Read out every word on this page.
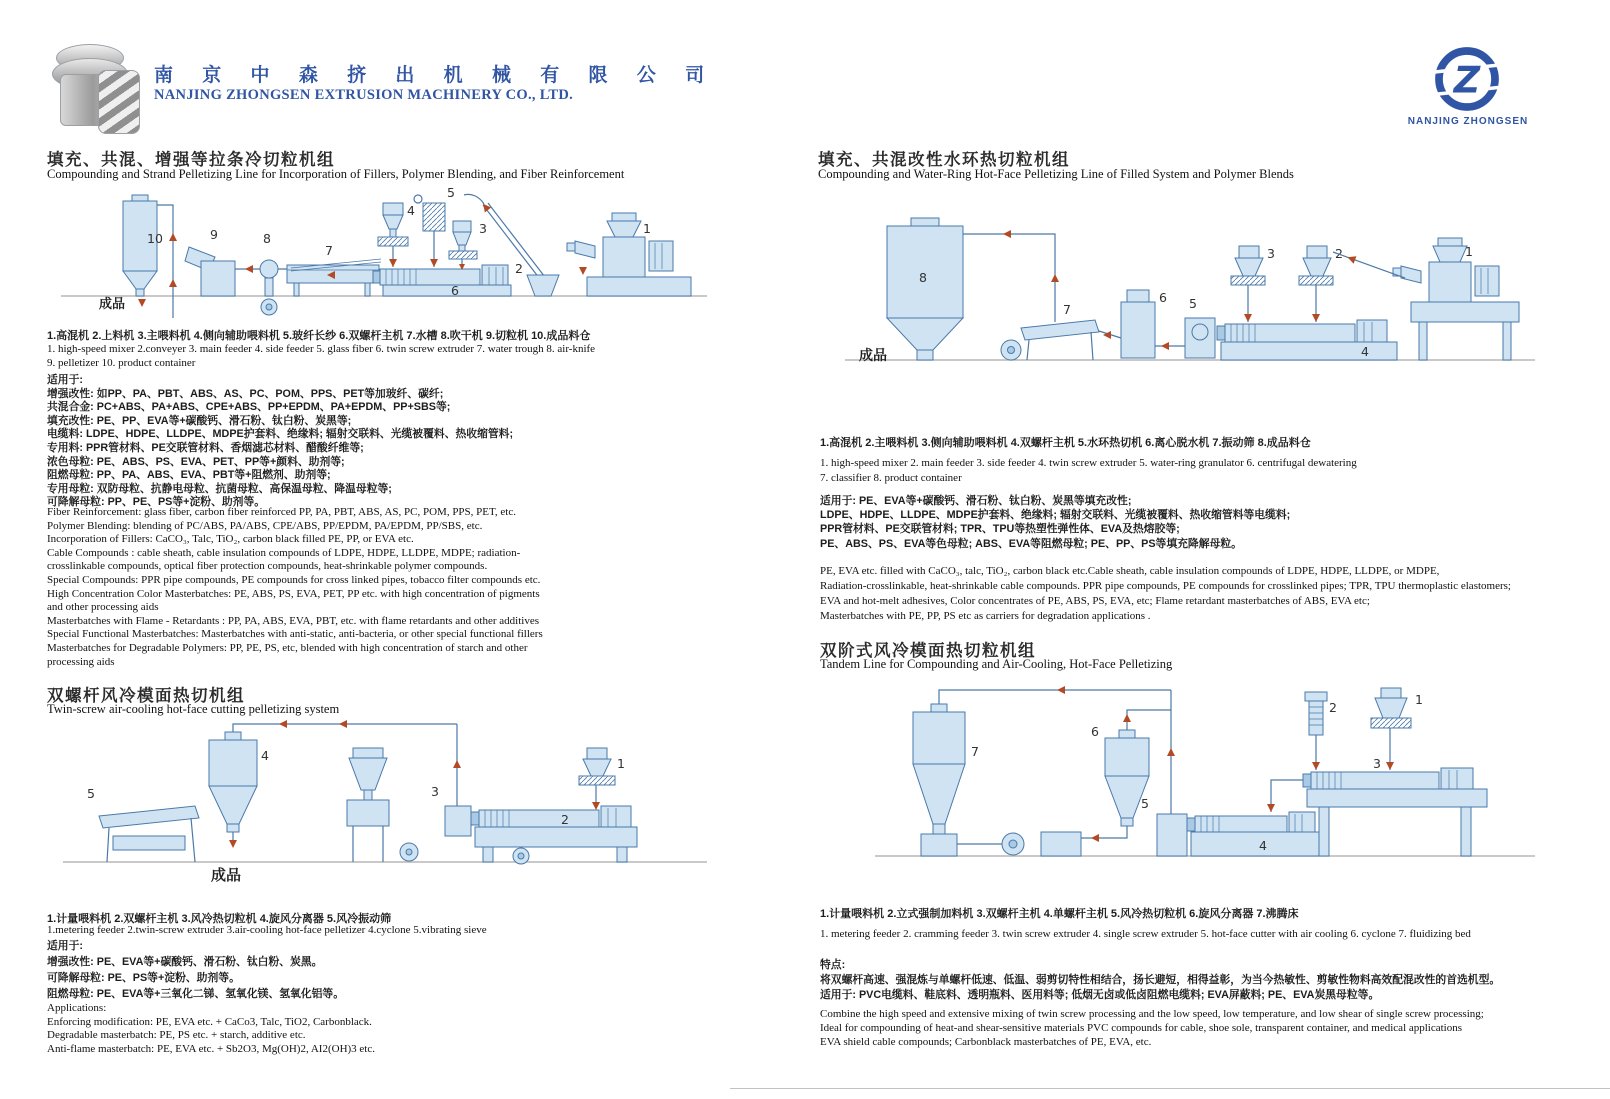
南 京 中 森 挤 出 机 械 有 限 公 司
NANJING ZHONGSEN EXTRUSION MACHINERY CO., LTD.	Z
NANJING ZHONGSEN
填充、共混、增强等拉条冷切粒机组
Compounding and Strand Pelletizing Line for Incorporation of Fillers, Polymer Blending, and Fiber Reinforcement
成品
10	9	8
7
6
4
5
3
2
1
1.高混机 2.上料机 3.主喂料机 4.侧向辅助喂料机 5.玻纤长纱 6.双螺杆主机 7.水槽 8.吹干机 9.切粒机 10.成品料仓
1. high-speed mixer 2.conveyer 3. main feeder 4. side feeder 5. glass fiber 6. twin screw extruder 7. water trough 8. air-knife
9. pelletizer 10. product container
适用于:
增强改性: 如PP、PA、PBT、ABS、AS、PC、POM、PPS、PET等加玻纤、碳纤;
共混合金: PC+ABS、PA+ABS、CPE+ABS、PP+EPDM、PA+EPDM、PP+SBS等;
填充改性: PE、PP、EVA等+碳酸钙、滑石粉、钛白粉、炭黑等;
电缆料: LDPE、HDPE、LLDPE、MDPE护套料、绝缘料; 辐射交联料、光缆被覆料、热收缩管料;
专用料: PPR管材料、PE交联管材料、香烟滤芯材料、醋酸纤维等;
浓色母粒: PE、ABS、PS、EVA、PET、PP等+颜料、助剂等;
阻燃母粒: PP、PA、ABS、EVA、PBT等+阻燃剂、助剂等;
专用母粒: 双防母粒、抗静电母粒、抗菌母粒、高保温母粒、降温母粒等;
可降解母粒: PP、PE、PS等+淀粉、助剂等。
Fiber Reinforcement: glass fiber, carbon fiber reinforced PP, PA, PBT, ABS, AS, PC, POM, PPS, PET, etc.
Polymer Blending: blending of PC/ABS, PA/ABS, CPE/ABS, PP/EPDM, PA/EPDM, PP/SBS, etc.
Incorporation of Fillers: CaCO₃, Talc, TiO₂, carbon black filled PE, PP, or EVA etc.
Cable Compounds : cable sheath, cable insulation compounds of LDPE, HDPE, LLDPE, MDPE; radiation-
crosslinkable compounds, optical fiber protection compounds, heat-shrinkable polymer compounds.
Special Compounds: PPR pipe compounds, PE compounds for cross linked pipes, tobacco filter compounds etc.
High Concentration Color Masterbatches: PE, ABS, PS, EVA, PET, PP etc. with high concentration of pigments
and other processing aids
Masterbatches with Flame - Retardants : PP, PA, ABS, EVA, PBT, etc. with flame retardants and other additives
Special Functional Masterbatches: Masterbatches with anti-static, anti-bacteria, or other special functional fillers
Masterbatches for Degradable Polymers: PP, PE, PS, etc, blended with high concentration of starch and other
processing aids
双螺杆风冷模面热切机组
Twin-screw air-cooling hot-face cutting pelletizing system
5
4
3
2
1
成品
1.计量喂料机 2.双螺杆主机 3.风冷热切粒机 4.旋风分离器 5.风冷振动筛
1.metering feeder 2.twin-screw extruder 3.air-cooling hot-face pelletizer 4.cyclone 5.vibrating sieve
适用于:
增强改性: PE、EVA等+碳酸钙、滑石粉、钛白粉、炭黑。
可降解母粒: PE、PS等+淀粉、助剂等。
阻燃母粒: PE、EVA等+三氧化二锑、氢氧化镁、氢氧化铝等。
Applications:
Enforcing modification: PE, EVA etc. + CaCo3, Talc, TiO2, Carbonblack.
Degradable masterbatch: PE, PS etc. + starch, additive etc.
Anti-flame masterbatch: PE, EVA etc. + Sb2O3, Mg(OH)2, AI2(OH)3 etc.
填充、共混改性水环热切粒机组
Compounding and Water-Ring Hot-Face Pelletizing Line of Filled System and Polymer Blends
8
成品
7
6 5
4
3	2	1
1.高混机 2.主喂料机 3.侧向辅助喂料机 4.双螺杆主机 5.水环热切机 6.离心脱水机 7.振动筛 8.成品料仓
1. high-speed mixer 2. main feeder 3. side feeder 4. twin screw extruder 5. water-ring granulator 6. centrifugal dewatering
7. classifier 8. product container
适用于: PE、EVA等+碳酸钙、滑石粉、钛白粉、炭黑等填充改性;
LDPE、HDPE、LLDPE、MDPE护套料、绝缘料; 辐射交联料、光缆被覆料、热收缩管料等电缆料;
PPR管材料、PE交联管材料; TPR、TPU等热塑性弹性体、EVA及热熔胶等;
PE、ABS、PS、EVA等色母粒; ABS、EVA等阻燃母粒; PE、PP、PS等填充降解母粒。
PE, EVA etc. filled with CaCO₃, talc, TiO₂, carbon black etc.Cable sheath, cable insulation compounds of LDPE, HDPE, LLDPE, or MDPE,
Radiation-crosslinkable, heat-shrinkable cable compounds. PPR pipe compounds, PE compounds for crosslinked pipes; TPR, TPU thermoplastic elastomers;
EVA and hot-melt adhesives, Color concentrates of PE, ABS, PS, EVA, etc; Flame retardant masterbatches of ABS, EVA etc;
Masterbatches with PE, PP, PS etc as carriers for degradation applications .
双阶式风冷模面热切粒机组
Tandem Line for Compounding and Air-Cooling, Hot-Face Pelletizing
7
6
5
4
3
2
1
1.计量喂料机 2.立式强制加料机 3.双螺杆主机 4.单螺杆主机 5.风冷热切粒机 6.旋风分离器 7.沸腾床
1. metering feeder 2. cramming feeder 3. twin screw extruder 4. single screw extruder 5. hot-face cutter with air cooling 6. cyclone 7. fluidizing bed
特点:
将双螺杆高速、强混炼与单螺杆低速、低温、弱剪切特性相结合，扬长避短，相得益彰，为当今热敏性、剪敏性物料高效配混改性的首选机型。
适用于: PVC电缆料、鞋底料、透明瓶料、医用料等; 低烟无卤或低卤阻燃电缆料; EVA屏蔽料; PE、EVA炭黑母粒等。
Combine the high speed and extensive mixing of twin screw processing and the low speed, low temperature, and low shear of single screw processing;
Ideal for compounding of heat-and shear-sensitive materials PVC compounds for cable, shoe sole, transparent container, and medical applications
EVA shield cable compounds; Carbonblack masterbatches of PE, EVA, etc.
